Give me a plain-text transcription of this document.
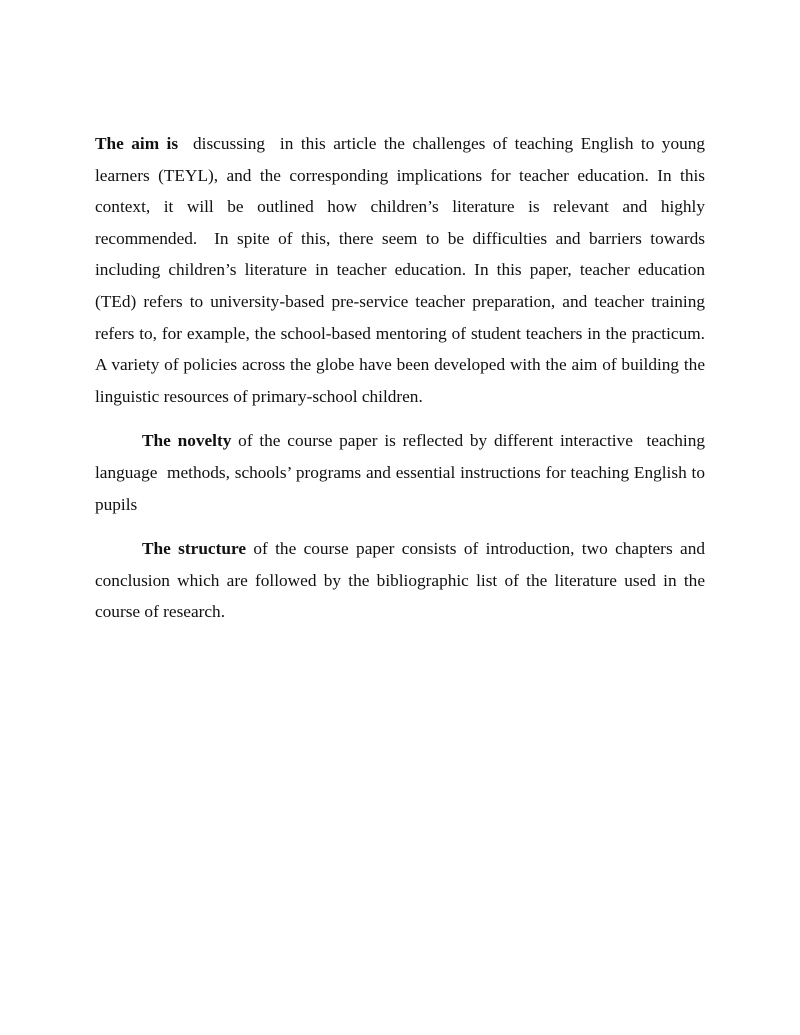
The aim is  discussing  in this article the challenges of teaching English to young learners (TEYL), and the corresponding implications for teacher education. In this context, it will be outlined how children’s literature is relevant and highly recommended.  In spite of this, there seem to be difficulties and barriers towards including children’s literature in teacher education. In this paper, teacher education (TEd) refers to university-based pre-service teacher preparation, and teacher training refers to, for example, the school-based mentoring of student teachers in the practicum. A variety of policies across the globe have been developed with the aim of building the linguistic resources of primary-school children.

The novelty of the course paper is reflected by different interactive  teaching language  methods, schools’ programs and essential instructions for teaching English to pupils

The structure of the course paper consists of introduction, two chapters and conclusion which are followed by the bibliographic list of the literature used in the course of research.
